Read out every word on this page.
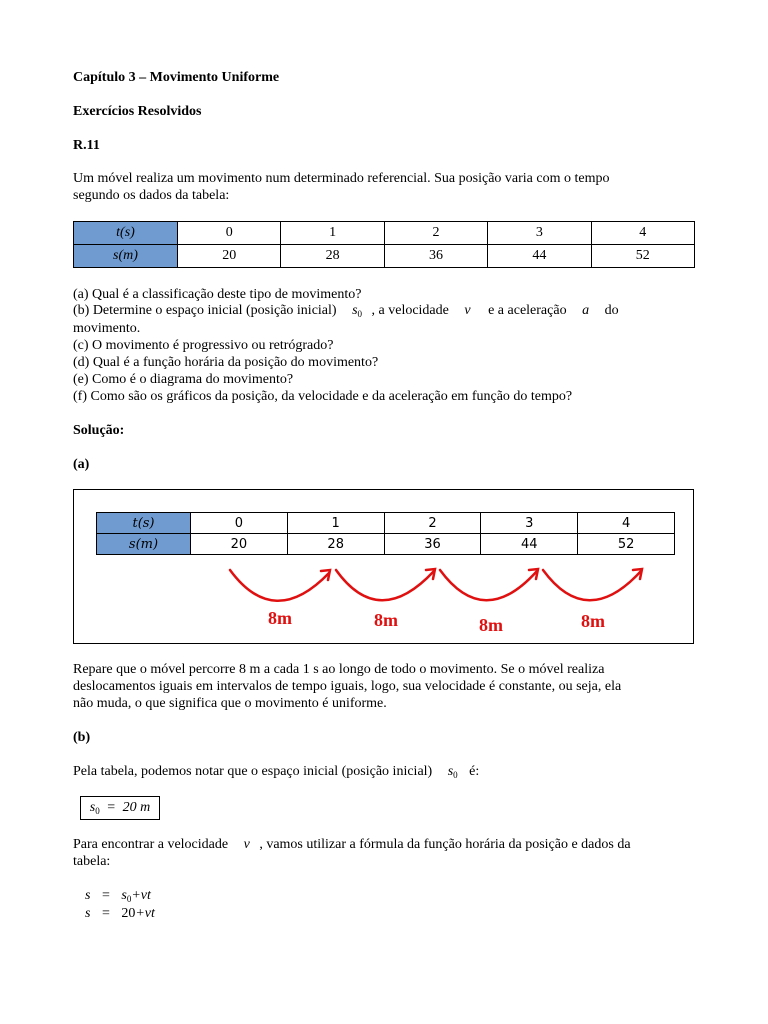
Capítulo 3 – Movimento Uniforme
Exercícios Resolvidos
R.11
Um móvel realiza um movimento num determinado referencial. Sua posição varia com o tempo
segundo os dados da tabela:
t(s)	0	1	2	3	4
s(m)	20	28	36	44	52
(a) Qual é a classificação deste tipo de movimento?
(b) Determine o espaço inicial (posição inicial) $s_0$ , a velocidade v e a aceleração a do
movimento.
(c) O movimento é progressivo ou retrógrado?
(d) Qual é a função horária da posição do movimento?
(e) Como é o diagrama do movimento?
(f) Como são os gráficos da posição, da velocidade e da aceleração em função do tempo?
Solução:
(a)
t(s)	0	1	2	3	4
s(m)	20	28	36	44	52
8m	8m	8m	8m
Repare que o móvel percorre 8 m a cada 1 s ao longo de todo o movimento. Se o móvel realiza
deslocamentos iguais em intervalos de tempo iguais, logo, sua velocidade é constante, ou seja, ela
não muda, o que significa que o movimento é uniforme.
(b)
Pela tabela, podemos notar que o espaço inicial (posição inicial) $s_0$ é:
$s_0 = 20$ m
Para encontrar a velocidade v , vamos utilizar a fórmula da função horária da posição e dados da
tabela:
$s = s_0+vt$
s = 20+vt
